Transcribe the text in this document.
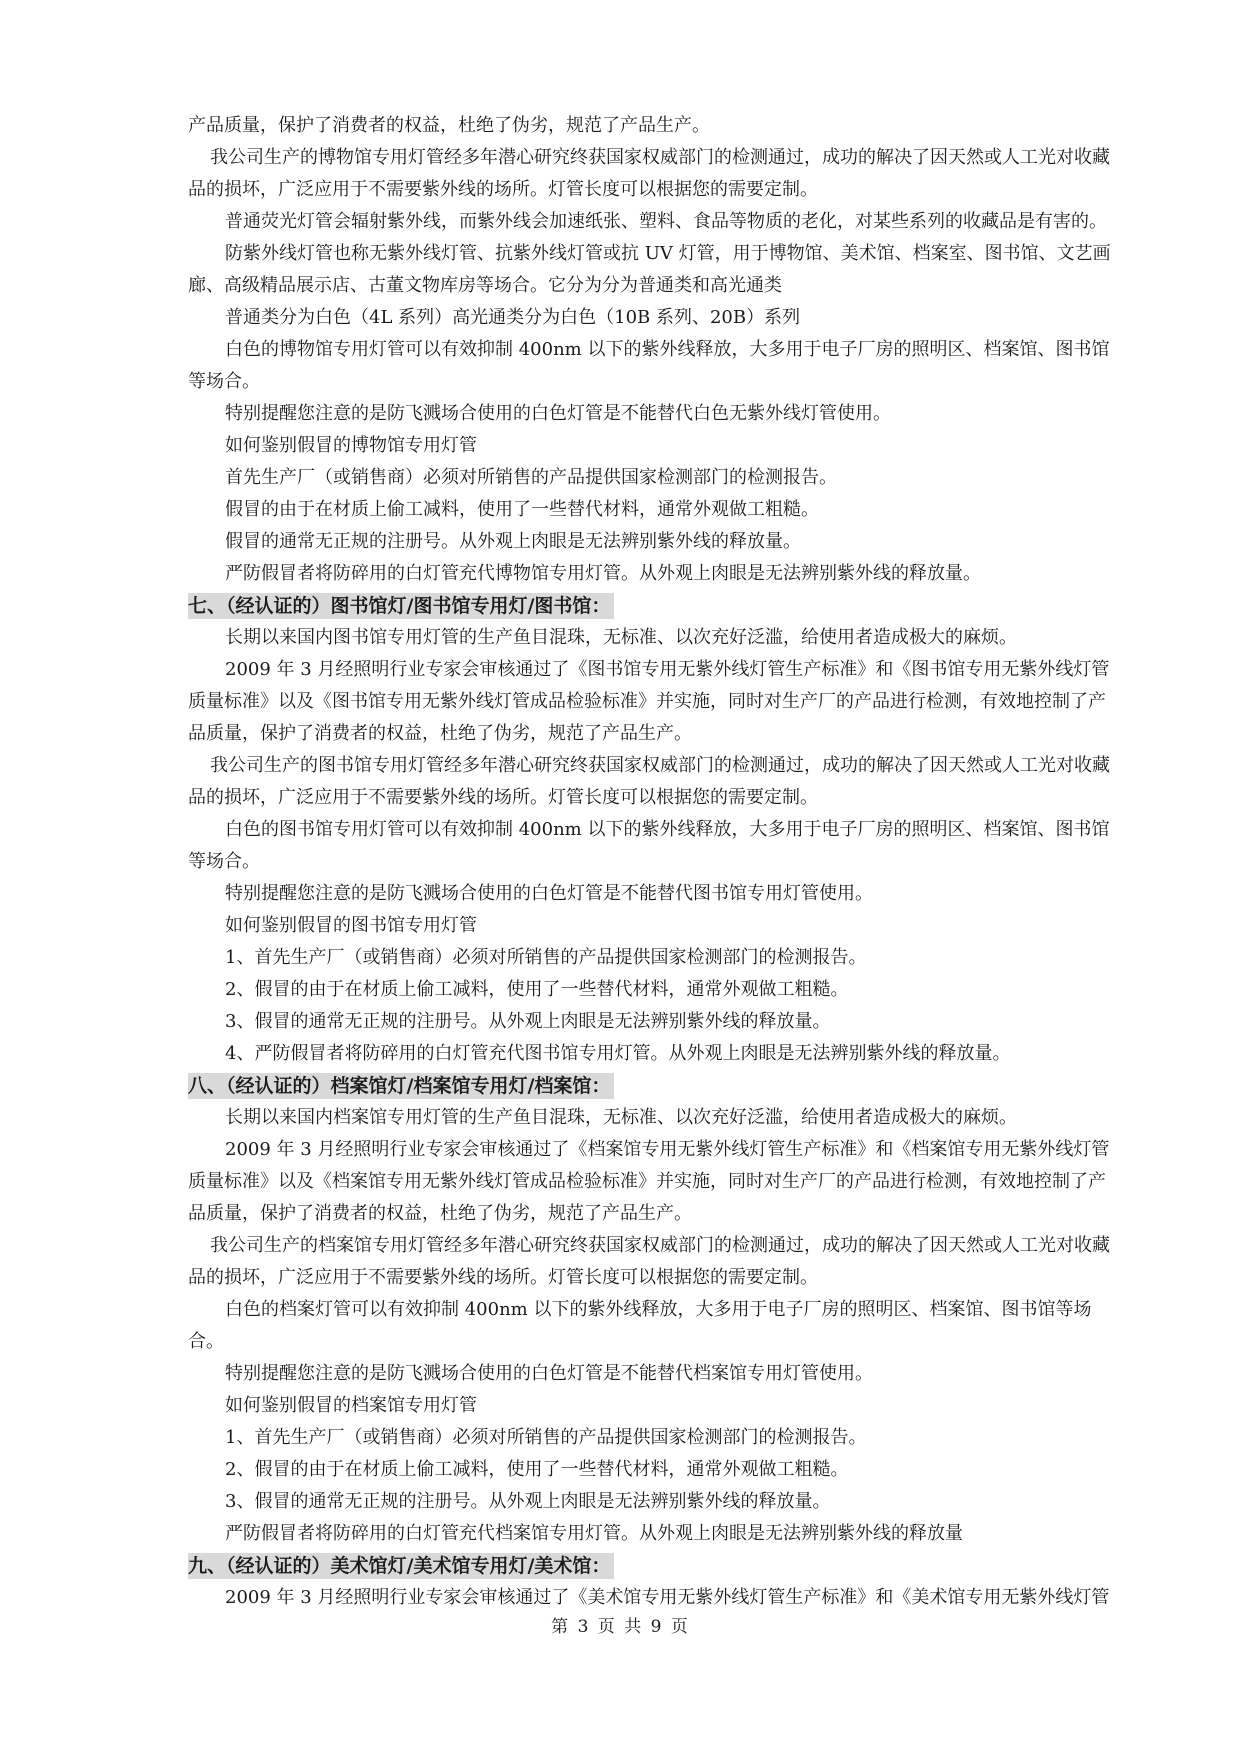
产品质量，保护了消费者的权益，杜绝了伪劣，规范了产品生产。

我公司生产的博物馆专用灯管经多年潜心研究终获国家权威部门的检测通过，成功的解决了因天然或人工光对收藏品的损坏，广泛应用于不需要紫外线的场所。灯管长度可以根据您的需要定制。

普通荧光灯管会辐射紫外线，而紫外线会加速纸张、塑料、食品等物质的老化，对某些系列的收藏品是有害的。

防紫外线灯管也称无紫外线灯管、抗紫外线灯管或抗 UV 灯管，用于博物馆、美术馆、档案室、图书馆、文艺画廊、高级精品展示店、古董文物库房等场合。它分为分为普通类和高光通类

普通类分为白色（4L 系列）高光通类分为白色（10B 系列、20B）系列

白色的博物馆专用灯管可以有效抑制 400nm 以下的紫外线释放，大多用于电子厂房的照明区、档案馆、图书馆等场合。

特别提醒您注意的是防飞溅场合使用的白色灯管是不能替代白色无紫外线灯管使用。

如何鉴别假冒的博物馆专用灯管

首先生产厂（或销售商）必须对所销售的产品提供国家检测部门的检测报告。

假冒的由于在材质上偷工减料，使用了一些替代材料，通常外观做工粗糙。

假冒的通常无正规的注册号。从外观上肉眼是无法辨别紫外线的释放量。

严防假冒者将防碎用的白灯管充代博物馆专用灯管。从外观上肉眼是无法辨别紫外线的释放量。

七、（经认证的）图书馆灯/图书馆专用灯/图书馆：

长期以来国内图书馆专用灯管的生产鱼目混珠，无标准、以次充好泛滥，给使用者造成极大的麻烦。

2009 年 3 月经照明行业专家会审核通过了《图书馆专用无紫外线灯管生产标准》和《图书馆专用无紫外线灯管质量标准》以及《图书馆专用无紫外线灯管成品检验标准》并实施，同时对生产厂的产品进行检测，有效地控制了产品质量，保护了消费者的权益，杜绝了伪劣，规范了产品生产。

我公司生产的图书馆专用灯管经多年潜心研究终获国家权威部门的检测通过，成功的解决了因天然或人工光对收藏品的损坏，广泛应用于不需要紫外线的场所。灯管长度可以根据您的需要定制。

白色的图书馆专用灯管可以有效抑制 400nm 以下的紫外线释放，大多用于电子厂房的照明区、档案馆、图书馆等场合。

特别提醒您注意的是防飞溅场合使用的白色灯管是不能替代图书馆专用灯管使用。

如何鉴别假冒的图书馆专用灯管

1、首先生产厂（或销售商）必须对所销售的产品提供国家检测部门的检测报告。

2、假冒的由于在材质上偷工减料，使用了一些替代材料，通常外观做工粗糙。

3、假冒的通常无正规的注册号。从外观上肉眼是无法辨别紫外线的释放量。

4、严防假冒者将防碎用的白灯管充代图书馆专用灯管。从外观上肉眼是无法辨别紫外线的释放量。

八、（经认证的）档案馆灯/档案馆专用灯/档案馆：

长期以来国内档案馆专用灯管的生产鱼目混珠，无标准、以次充好泛滥，给使用者造成极大的麻烦。

2009 年 3 月经照明行业专家会审核通过了《档案馆专用无紫外线灯管生产标准》和《档案馆专用无紫外线灯管质量标准》以及《档案馆专用无紫外线灯管成品检验标准》并实施，同时对生产厂的产品进行检测，有效地控制了产品质量，保护了消费者的权益，杜绝了伪劣，规范了产品生产。

我公司生产的档案馆专用灯管经多年潜心研究终获国家权威部门的检测通过，成功的解决了因天然或人工光对收藏品的损坏，广泛应用于不需要紫外线的场所。灯管长度可以根据您的需要定制。

白色的档案灯管可以有效抑制 400nm 以下的紫外线释放，大多用于电子厂房的照明区、档案馆、图书馆等场合。

特别提醒您注意的是防飞溅场合使用的白色灯管是不能替代档案馆专用灯管使用。

如何鉴别假冒的档案馆专用灯管

1、首先生产厂（或销售商）必须对所销售的产品提供国家检测部门的检测报告。

2、假冒的由于在材质上偷工减料，使用了一些替代材料，通常外观做工粗糙。

3、假冒的通常无正规的注册号。从外观上肉眼是无法辨别紫外线的释放量。

严防假冒者将防碎用的白灯管充代档案馆专用灯管。从外观上肉眼是无法辨别紫外线的释放量

九、（经认证的）美术馆灯/美术馆专用灯/美术馆：

2009 年 3 月经照明行业专家会审核通过了《美术馆专用无紫外线灯管生产标准》和《美术馆专用无紫外线灯管

第 3 页 共 9 页
